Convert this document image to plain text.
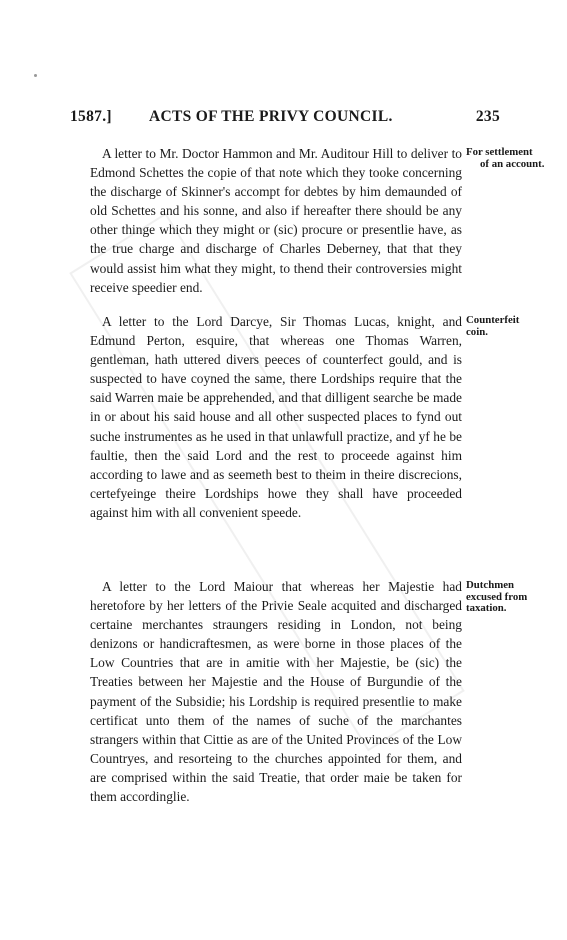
1587.] ACTS OF THE PRIVY COUNCIL.	235

A letter to Mr. Doctor Hammon and Mr. Auditour Hill to deliver to Edmond Schettes the copie of that note which they tooke concerning the discharge of Skinner's accompt for debtes by him demaunded of old Schettes and his sonne, and also if hereafter there should be any other thinge which they might or (sic) procure or presentlie have, as the true charge and discharge of Charles Deberney, that that they would assist him what they might, to thend their controversies might receive speedier end.

For settlement
of an account.

A letter to the Lord Darcye, Sir Thomas Lucas, knight, and Edmund Perton, esquire, that whereas one Thomas Warren, gentleman, hath uttered divers peeces of counterfect gould, and is suspected to have coyned the same, there Lordships require that the said Warren maie be apprehended, and that dilligent searche be made in or about his said house and all other suspected places to fynd out suche instrumentes as he used in that unlawfull practize, and yf he be faultie, then the said Lord and the rest to proceede against him according to lawe and as seemeth best to theim in theire discrecions, certefyeinge theire Lordships howe they shall have proceeded against him with all convenient speede.

Counterfeit
coin.

A letter to the Lord Maiour that whereas her Majestie had heretofore by her letters of the Privie Seale acquited and discharged certaine merchantes straungers residing in London, not being denizons or handicraftesmen, as were borne in those places of the Low Countries that are in amitie with her Majestie, be (sic) the Treaties between her Majestie and the House of Burgundie of the payment of the Subsidie; his Lordship is required presentlie to make certificat unto them of the names of suche of the marchantes strangers within that Cittie as are of the United Provinces of the Low Countryes, and resorteing to the churches appointed for them, and are comprised within the said Treatie, that order maie be taken for them accordinglie.

Dutchmen
excused from
taxation.
